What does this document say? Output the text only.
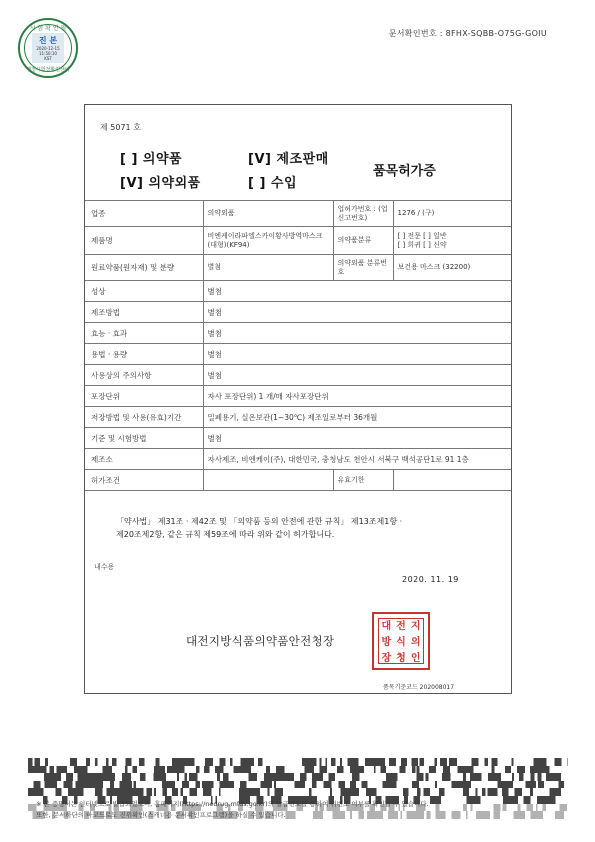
시 험 확 인 필
진 본
2020-12-15
11:50:10
KST
행정시험정확인센터
문서확인번호 : 8FHX-SQBB-O75G-GOIU
제 5071 호
[ ] 의약품	[V] 제조판매
[V] 의약외품	[ ] 수입
품목허가증
업종	의약외품	업허가번호 : (업신고번호)	1276 / (구)
제품명	비엔케이라파엘스카이황사방역마스크(대형)(KF94)	의약품분류	[ ] 전문 [ ] 일반
[ ] 희귀 [ ] 신약

원료약품(원자재) 및 분량	별첨	의약외품 분류번호	보건용 마스크 (32200)
성상	별첨		
제조방법	별첨		
효능 · 효과	별첨		
용법 · 용량	별첨		
사용상의 주의사항	별첨		
포장단위	자사 포장단위) 1 개/매 자사포장단위		
저장방법 및 사용(유효)기간	밀폐용기, 실온보관(1~30℃) 제조일로부터 36개월		
기준 및 시험방법	별첨		
제조소	자사제조, 비엔케이(주), 대한민국, 충청남도 천안시 서북구 백석공단1로 91 1층		
허가조건		유효기한	
「약사법」 제31조 · 제42조 및 「의약품 등의 안전에 관한 규칙」 제13조제1항 ·
제20조제2항, 같은 규칙 제59조에 따라 위와 같이 허가합니다.
내수용
2020. 11. 19
대전지방식품의약품안전청장
대 전 지
방 식 의
장 청 인
품목기준코드 202008017
※ 본 증명서는 인터넷으로 발급되었으며, 홈페이지(https://nedrug.mfds.go.kr)의 발급번호를 통하여 위변조 여부를 확인할 수 있습니다.
또한, 문서하단의 바코드로도 진위확인(스캐너용 문서확인프로그램)을 하실 수 있습니다.
